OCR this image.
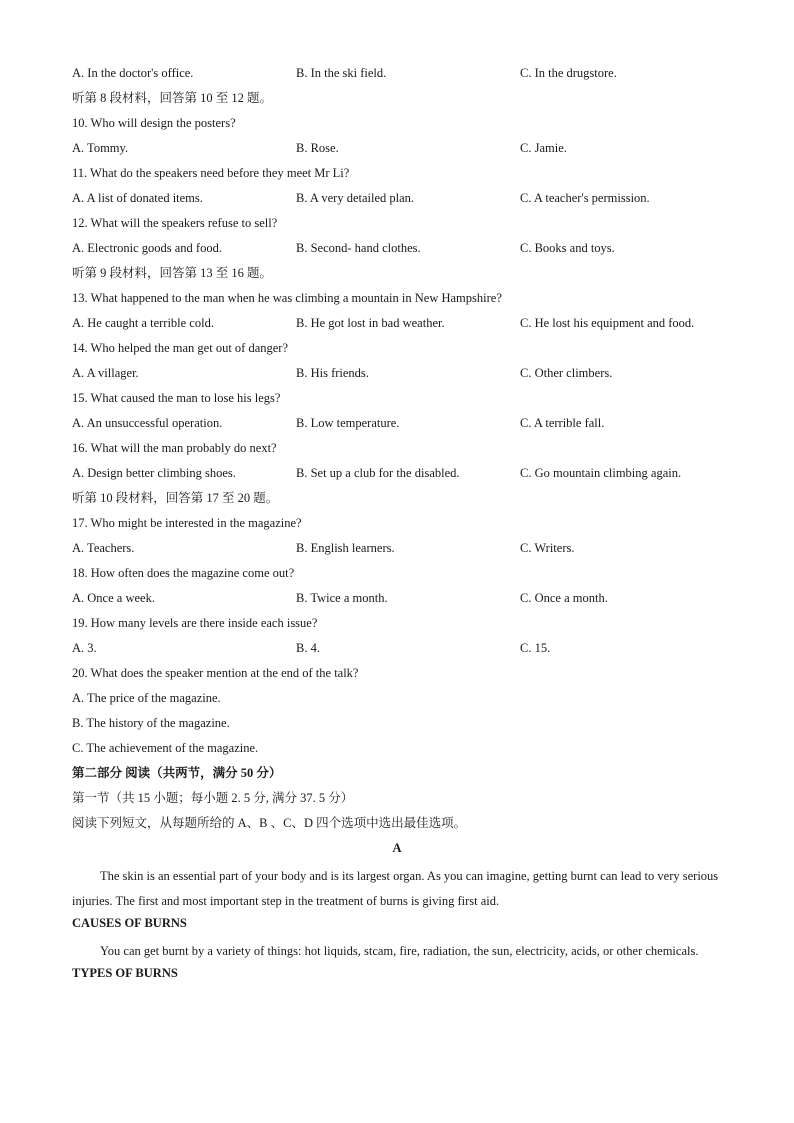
A. In the doctor's office.	B. In the ski field.	C. In the drugstore.
听第 8 段材料，回答第 10 至 12 题。
10. Who will design the posters?
A. Tommy.	B. Rose.	C. Jamie.
11. What do the speakers need before they meet Mr Li?
A. A list of donated items.	B. A very detailed plan.	C. A teacher's permission.
12. What will the speakers refuse to sell?
A. Electronic goods and food.	B. Second- hand clothes.	C. Books and toys.
听第 9 段材料，回答第 13 至 16 题。
13. What happened to the man when he was climbing a mountain in New Hampshire?
A. He caught a terrible cold.	B. He got lost in bad weather.	C. He lost his equipment and food.
14. Who helped the man get out of danger?
A. A villager.	B. His friends.	C. Other climbers.
15. What caused the man to lose his legs?
A. An unsuccessful operation.	B. Low temperature.	C. A terrible fall.
16. What will the man probably do next?
A. Design better climbing shoes.	B. Set up a club for the disabled.	C. Go mountain climbing again.
听第 10 段材料，回答第 17 至 20 题。
17. Who might be interested in the magazine?
A. Teachers.	B. English learners.	C. Writers.
18. How often does the magazine come out?
A. Once a week.	B. Twice a month.	C. Once a month.
19. How many levels are there inside each issue?
A. 3.	B. 4.	C. 15.
20. What does the speaker mention at the end of the talk?
A. The price of the magazine.
B. The history of the magazine.
C. The achievement of the magazine.
第二部分 阅读（共两节，满分 50 分）
第一节（共 15 小题；每小题 2. 5 分, 满分 37. 5 分）
阅读下列短文，从每题所给的 A、B 、C、D 四个选项中选出最佳选项。
A
The skin is an essential part of your body and is its largest organ. As you can imagine, getting burnt can lead to very serious injuries. The first and most important step in the treatment of burns is giving first aid.
CAUSES OF BURNS
You can get burnt by a variety of things: hot liquids, stcam, fire, radiation, the sun, electricity, acids, or other chemicals.
TYPES OF BURNS
